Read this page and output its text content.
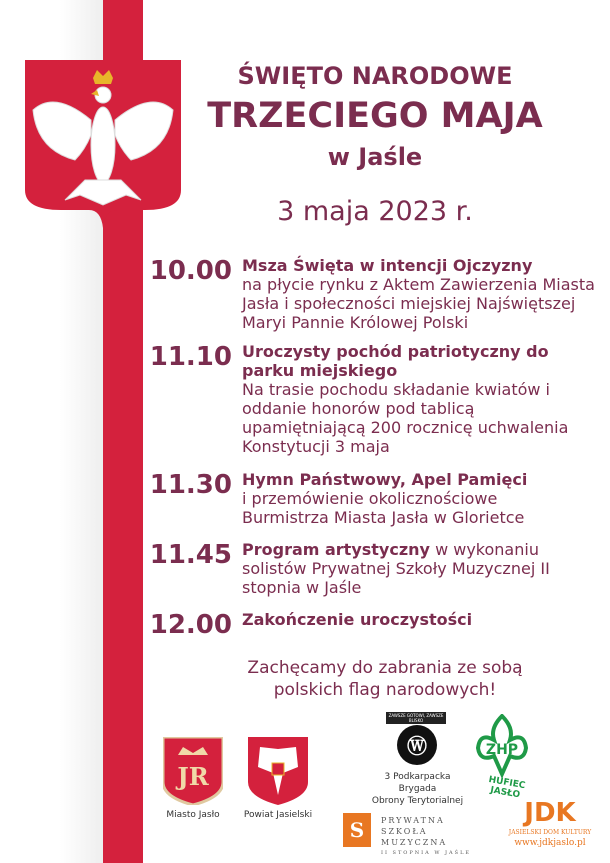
ŚWIĘTO NARODOWE
TRZECIEGO MAJA
w Jaśle
3 maja 2023 r.
10.00 Msza Święta w intencji Ojczyzny
na płycie rynku z Aktem Zawierzenia Miasta Jasła i społeczności miejskiej Najświętszej Maryi Pannie Królowej Polski
11.10 Uroczysty pochód patriotyczny do parku miejskiego
Na trasie pochodu składanie kwiatów i oddanie honorów pod tablicą upamiętniającą 200 rocznicę uchwalenia Konstytucji 3 maja
11.30 Hymn Państwowy, Apel Pamięci
i przemówienie okolicznościowe Burmistrza Miasta Jasła w Glorietce
11.45 Program artystyczny w wykonaniu solistów Prywatnej Szkoły Muzycznej II stopnia w Jaśle
12.00 Zakończenie uroczystości
Zachęcamy do zabrania ze sobą
polskich flag narodowych!
JR
Miasto Jasło	Powiat Jasielski
ZAWSZE GOTOWI, ZAWSZE BLISKO
Ⓦ
3 Podkarpacka Brygada
Obrony Terytorialnej
ZHP
HUFIEC JASŁO
S	PRYWATNA
SZKOŁA MUZYCZNA
II STOPNIA W JAŚLE
JDK
JASIELSKI DOM KULTURY
www.jdkjaslo.pl
